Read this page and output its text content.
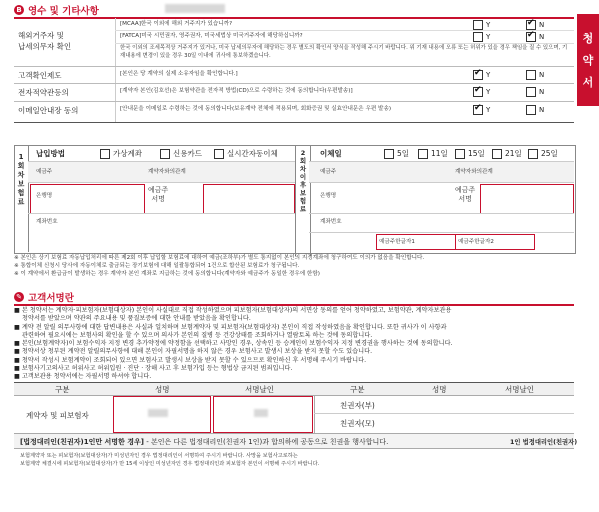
청
약
서
B 영수 및 기타사항
해외거주자 및
납세의무자 확인
[MCAA]한국 이외에 해외 거주지가 있습니까?	Y ✔	N
[FATCA]미국 시민권자, 영주권자, 미국세법상 미국거주자에 해당하십니까?	Y ✔	N
한국 이외의 조세목적상 거주지가 있거나, 미국 납세의무자에 해당하는 경우 별도의 확인서 양식을 작성해 주시기 바랍니다. 위 기재 내용에 오류 또는 허위가 있을 경우 책임을 질 수 있으며, 기재내용에 변경이 있을 경우 30일 이내에 귀사에 통보하겠습니다.
고객확인제도	[본인은 당 계약의 실제 소유자임을 확인합니다.] ✔	Y	N
전자적약관등의	[계약자 본인(김호선)은 보험약관을 전자적 방법(CD)으로 수령하는 것에 동의합니다(우편발송)] ✔	Y	N
이메일안내장 동의	[안내문을 이메일로 수령하는 것에 동의합니다(보유계약 전체에 적용되며, 회화증권 및 실효안내문은 우편 발송) ✔	Y	N
1
회
차
보
험
료
2
회
차
이
후
보
험
료
납입방법	가상계좌	신용카드	실시간자동이체
예금주	계약자와의관계
은행명
예금주
서명
계좌번호
이체일	5일	11일	15일	21일	25일
예금주	계약자와의관계
은행명
예금주
서명
계좌번호
예금주한글자1	예금주한글자2
※ 본인은 상기 보험료 자동납입처리에 따른 제2회 이후 납입할 보험료에 대하여 예금(조하부)가 별도 통지없이 본인의 지정계좌에 청구하여도 이의가 없음을 확인합니다.
※ 통합이체 신청시 당사에 자동이체로 출금되는 장기보험에 대해 일괄통합되어 1건으로 합산된 보험료가 청구됩니다.
※ 이 계약에서 환급금이 발생하는 경우 계약자 본인 계좌로 지급하는 것에 동의합니다(계약자와 예금주가 동일한 경우에 한함)
✎ 고객서명란
■ 본 청약서는 계약자·피보험자(보험대상자) 본인이 사실대로 직접 작성하였으며 피보험자(보험대상자)의 서면상 동의를 얻어 청약하였고, 보험약관, 계약자보관용
청약서를 받았으며 약관의 주요내용 및 품질보증에 대한 안내를 받았음을 확인합니다.
■ 계약 전 알릴 의무사항에 대한 답변내용은 사실과 일치하며 보험계약자 및 피보험자(보험대상자) 본인이 직접 작성하였음을 확인합니다. 또한 귀사가 이 사항과
관련하여 필요시에는 보험사의 확인을 할 수 있으며 의사가 본인의 질병 등 건강상태를 조회하거나 열람토록 하는 것에 동의합니다.
■ 본인(보험계약자)이 보험수익자 지정 변경 추가약정에 약정함을 선택하고 사망인 경우, 상속인 등 승계인이 보험수익자 지정 변경권을 행사하는 것에 동의합니다.
■ 청약서상 청부된 계약전 알릴의무사항에 대해 본인이 자필서명을 하지 않은 경우 보험사고 발생시 보상을 받지 못할 수도 있습니다.
■ 청약서 작성시 보험계약이 조회되어 있으면 보험사고 발생시 보상을 받지 못할 수 있으므로 확인하신 후 서명해 주시기 바랍니다.
■ 보험사기고의사고 허위사고 허위입원 · 진단 · 장해 사고 후 보험가입 등는 형법상 금지된 범죄입니다.
■ 고객보관용 청약서에는 자필서명 하셔야 합니다.
구분	성명	서명날인	구분	성명	서명날인
계약자 및 피보험자
친권자(부)
친권자(모)
[법정대리인(친권자)1인만 서명한 경우] - 본인은 다른 법정대리인(친권자 1인)과 합의하에 공동으로 친권을 행사합니다.	1인 법정대리인(친권자)
보험계약자 또는 피보험자(보험대상자)가 미성년자인 경우 법정대리인이 서명하여 주시기 바랍니다. 사망을 보험사고로하는
보험계약 체결시에 피보험자(보험대상자)가 만 15세 이상인 미성년자인 경우 법정대리인과 피보험자 본인이 서명해 주시기 바랍니다.
